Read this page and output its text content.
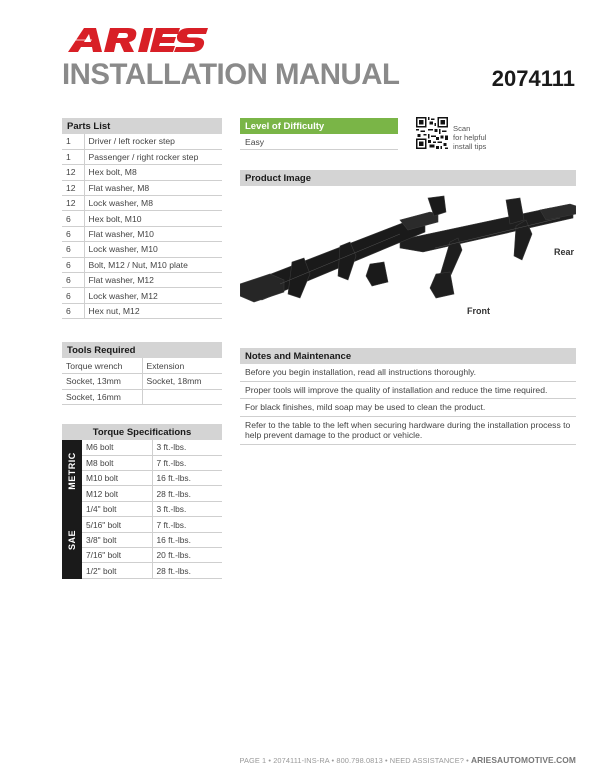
INSTALLATION MANUAL	2074111
Parts List
1	Driver / left rocker step
1	Passenger / right rocker step
12	Hex bolt, M8
12	Flat washer, M8
12	Lock washer, M8
6	Hex bolt, M10
6	Flat washer, M10
6	Lock washer, M10
6	Bolt, M12 / Nut, M10 plate
6	Flat washer, M12
6	Lock washer, M12
6	Hex nut, M12
Tools Required
Torque wrench	Extension
Socket, 13mm	Socket, 18mm
Socket, 16mm	
Torque Specifications
METRIC
M6 bolt	3 ft.-lbs.
M8 bolt	7 ft.-lbs.
M10 bolt	16 ft.-lbs.
M12 bolt	28 ft.-lbs.
SAE
1/4" bolt	3 ft.-lbs.
5/16" bolt	7 ft.-lbs.
3/8" bolt	16 ft.-lbs.
7/16" bolt	20 ft.-lbs.
1/2" bolt	28 ft.-lbs.
Level of Difficulty
Easy
Scan
for helpful
install tips
Product Image
Rear
Front
Notes and Maintenance
Before you begin installation, read all instructions thoroughly.
Proper tools will improve the quality of installation and reduce the time required.
For black finishes, mild soap may be used to clean the product.
Refer to the table to the left when securing hardware during the installation process to help prevent damage to the product or vehicle.
PAGE 1 • 2074111-INS-RA • 800.798.0813 • NEED ASSISTANCE? • ARIESAUTOMOTIVE.COM
